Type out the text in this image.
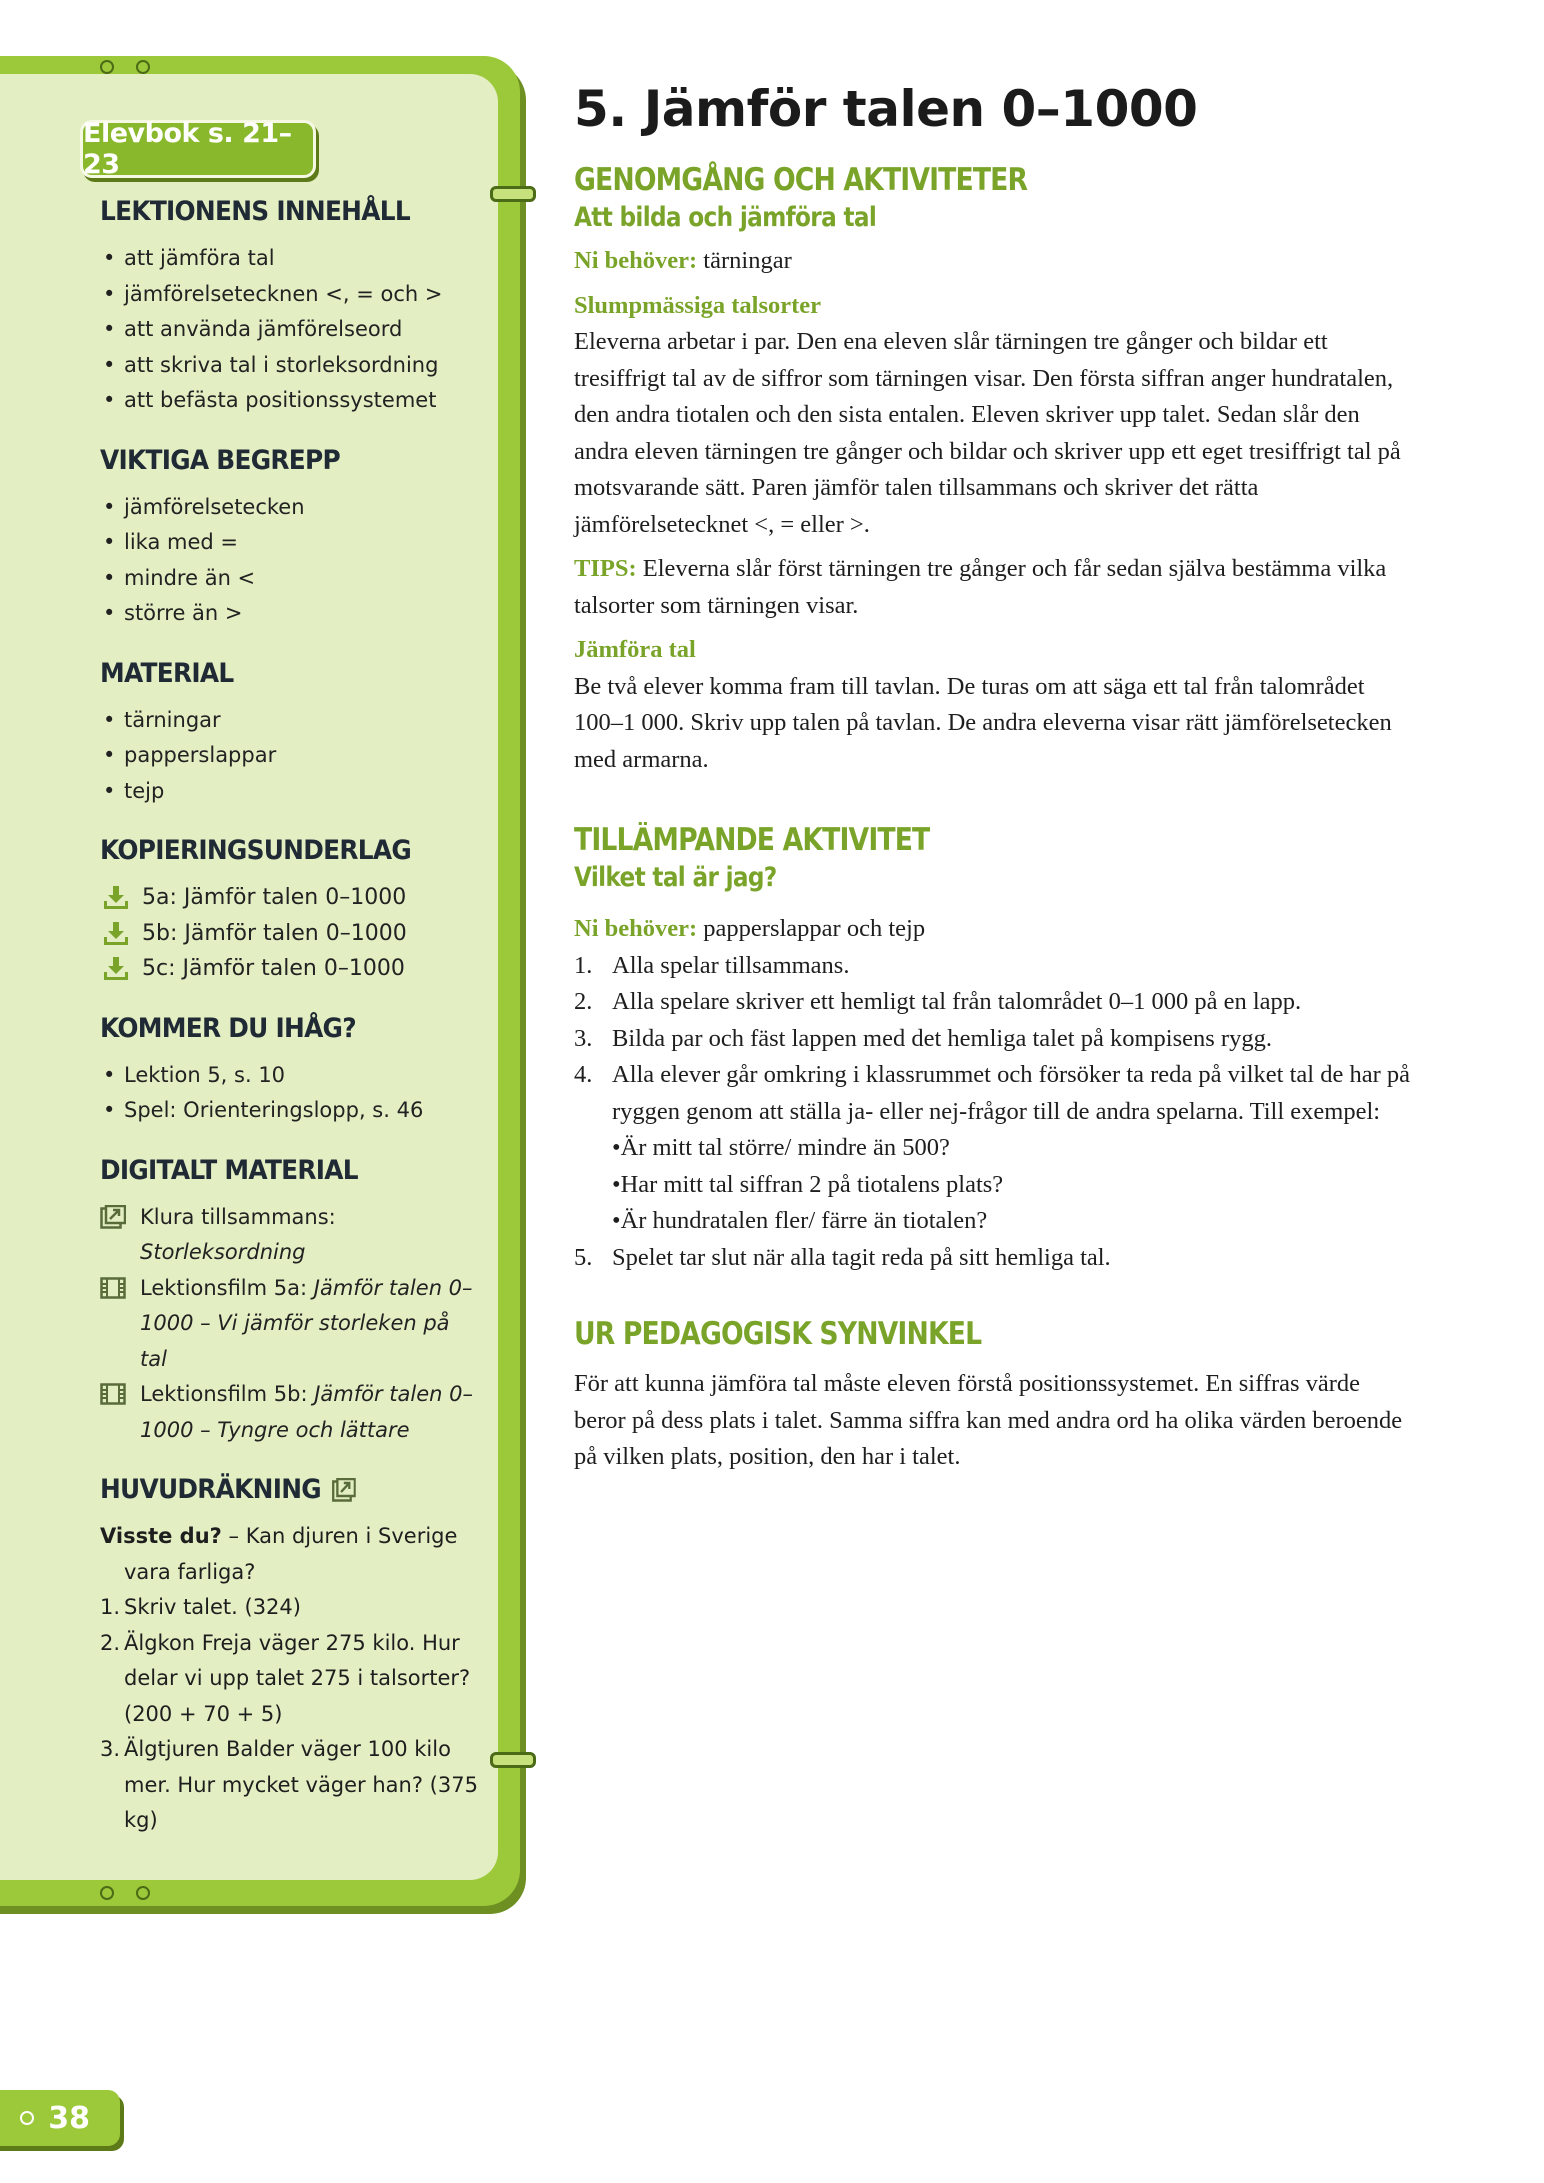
Elevbok s. 21–23
LEKTIONENS INNEHÅLL
• att jämföra tal
• jämförelsetecknen <, = och >
• att använda jämförelseord
• att skriva tal i storleksordning
• att befästa positionssystemet
VIKTIGA BEGREPP
• jämförelsetecken
• lika med =
• mindre än <
• större än >
MATERIAL
• tärningar
• papperslappar
• tejp
KOPIERINGSUNDERLAG
5a: Jämför talen 0–1000
5b: Jämför talen 0–1000
5c: Jämför talen 0–1000
KOMMER DU IHÅG?
• Lektion 5, s. 10
• Spel: Orienteringslopp, s. 46
DIGITALT MATERIAL
Klura tillsammans: Storleksordning
Lektionsfilm 5a: Jämför talen 0–1000 – Vi jämför storleken på tal
Lektionsfilm 5b: Jämför talen 0–1000 – Tyngre och lättare
HUVUDRÄKNING

Visste du? – Kan djuren i Sverige vara farliga?

1. Skriv talet. (324)
2. Älgkon Freja väger 275 kilo. Hur delar vi upp talet 275 i talsorter? (200 + 70 + 5)
3. Älgtjuren Balder väger 100 kilo mer. Hur mycket väger han? (375 kg)
38
5. Jämför talen 0–1000
GENOMGÅNG OCH AKTIVITETER
Att bilda och jämföra tal

Ni behöver: tärningar

Slumpmässiga talsorter

Eleverna arbetar i par. Den ena eleven slår tärningen tre gånger och bildar ett tresiffrigt tal av de siffror som tärningen visar. Den första siffran anger hundratalen, den andra tiotalen och den sista entalen. Eleven skriver upp talet. Sedan slår den andra eleven tärningen tre gånger och bildar och skriver upp ett eget tresiffrigt tal på motsvarande sätt. Paren jämför talen tillsammans och skriver det rätta jämförelsetecknet <, = eller >.

TIPS: Eleverna slår först tärningen tre gånger och får sedan själva bestämma vilka talsorter som tärningen visar.

Jämföra tal

Be två elever komma fram till tavlan. De turas om att säga ett tal från talområdet 100–1 000. Skriv upp talen på tavlan. De andra eleverna visar rätt jämförelsetecken med armarna.

TILLÄMPANDE AKTIVITET
Vilket tal är jag?

Ni behöver: papperslappar och tejp

1. Alla spelar tillsammans.
2. Alla spelare skriver ett hemligt tal från talområdet 0–1 000 på en lapp.
3. Bilda par och fäst lappen med det hemliga talet på kompisens rygg.
4. Alla elever går omkring i klassrummet och försöker ta reda på vilket tal de har på ryggen genom att ställa ja- eller nej-frågor till de andra spelarna. Till exempel:
•Är mitt tal större/ mindre än 500?
•Har mitt tal siffran 2 på tiotalens plats?
•Är hundratalen fler/ färre än tiotalen?
5. Spelet tar slut när alla tagit reda på sitt hemliga tal.
UR PEDAGOGISK SYNVINKEL

För att kunna jämföra tal måste eleven förstå positionssystemet. En siffras värde beror på dess plats i talet. Samma siffra kan med andra ord ha olika värden beroende på vilken plats, position, den har i talet.
